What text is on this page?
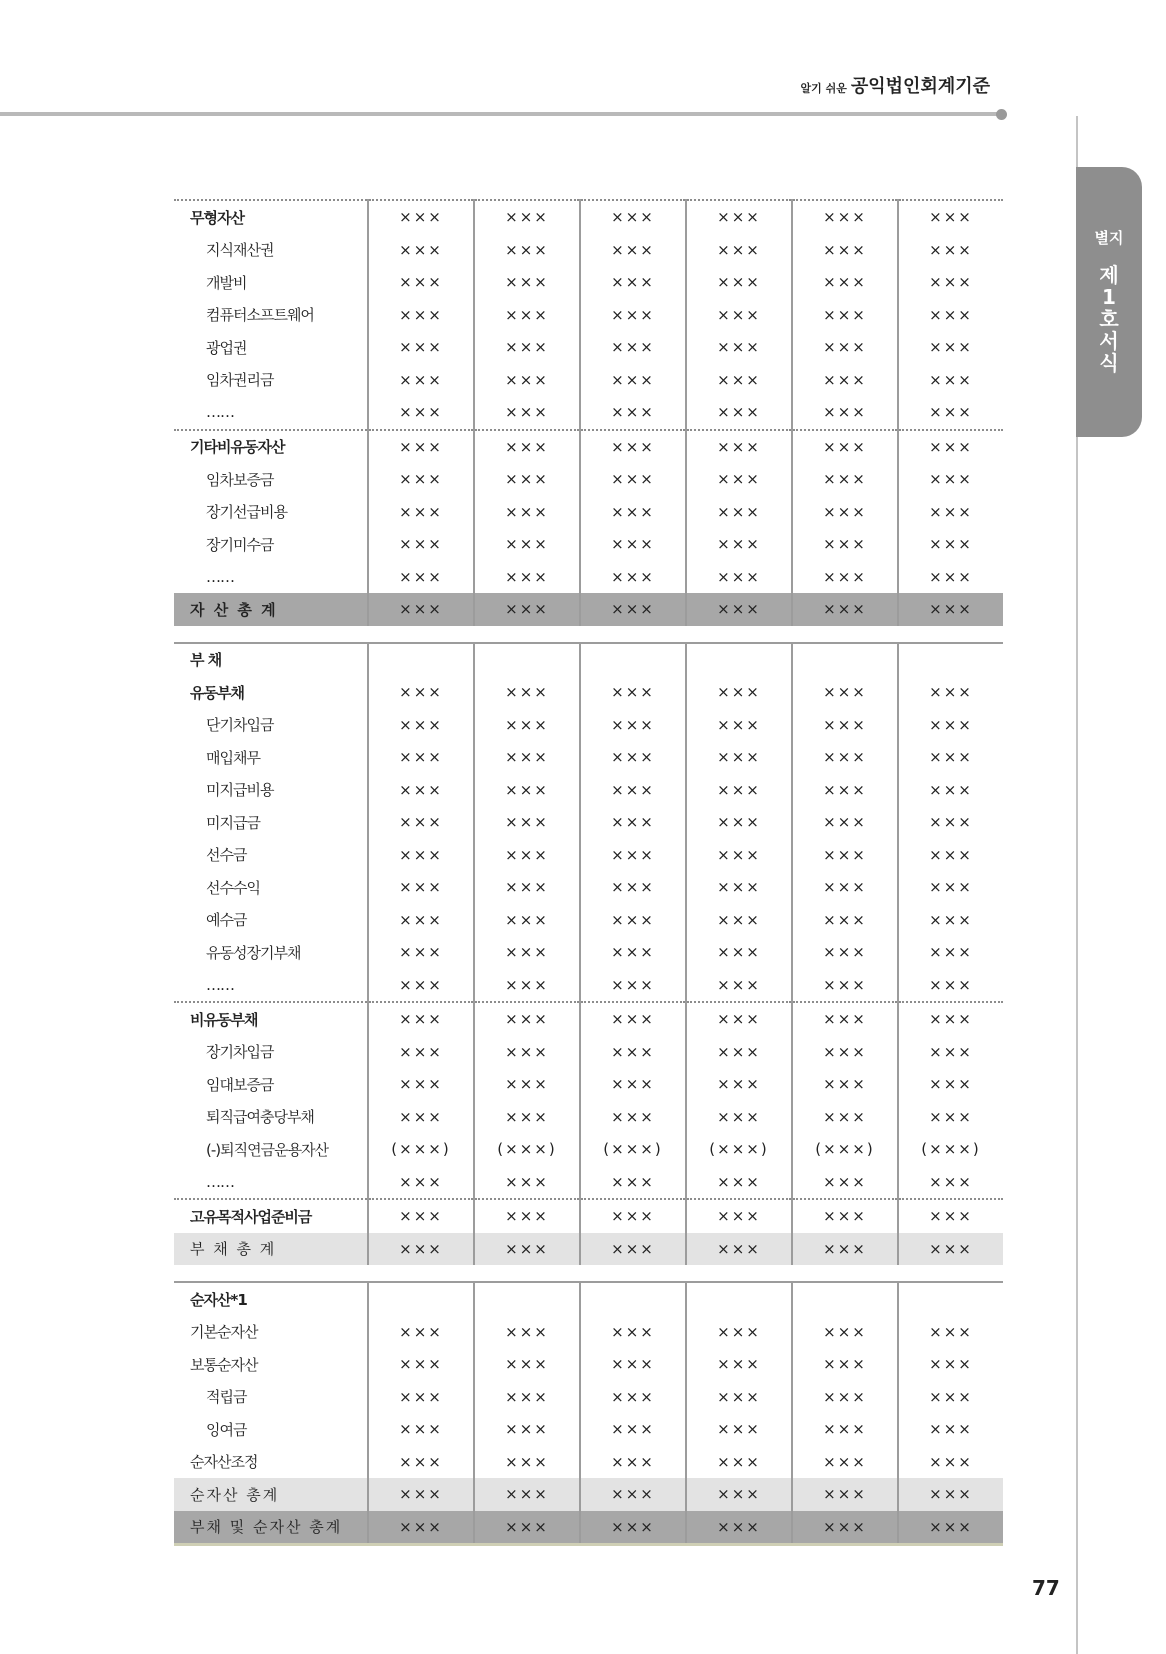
알기 쉬운 공익법인회계기준
별지
제
1
호
서
식
무형자산	×××	×××	×××	×××	×××	×××
지식재산권	×××	×××	×××	×××	×××	×××
개발비	×××	×××	×××	×××	×××	×××
컴퓨터소프트웨어	×××	×××	×××	×××	×××	×××
광업권	×××	×××	×××	×××	×××	×××
임차권리금	×××	×××	×××	×××	×××	×××
……	×××	×××	×××	×××	×××	×××
기타비유동자산	×××	×××	×××	×××	×××	×××
임차보증금	×××	×××	×××	×××	×××	×××
장기선급비용	×××	×××	×××	×××	×××	×××
장기미수금	×××	×××	×××	×××	×××	×××
……	×××	×××	×××	×××	×××	×××
자 산 총 계	×××	×××	×××	×××	×××	×××

부 채						
유동부채	×××	×××	×××	×××	×××	×××
단기차입금	×××	×××	×××	×××	×××	×××
매입채무	×××	×××	×××	×××	×××	×××
미지급비용	×××	×××	×××	×××	×××	×××
미지급금	×××	×××	×××	×××	×××	×××
선수금	×××	×××	×××	×××	×××	×××
선수수익	×××	×××	×××	×××	×××	×××
예수금	×××	×××	×××	×××	×××	×××
유동성장기부채	×××	×××	×××	×××	×××	×××
……	×××	×××	×××	×××	×××	×××
비유동부채	×××	×××	×××	×××	×××	×××
장기차입금	×××	×××	×××	×××	×××	×××
임대보증금	×××	×××	×××	×××	×××	×××
퇴직급여충당부채	×××	×××	×××	×××	×××	×××
(-)퇴직연금운용자산	(×××)	(×××)	(×××)	(×××)	(×××)	(×××)
……	×××	×××	×××	×××	×××	×××
고유목적사업준비금	×××	×××	×××	×××	×××	×××
부 채 총 계	×××	×××	×××	×××	×××	×××

순자산*1						
기본순자산	×××	×××	×××	×××	×××	×××
보통순자산	×××	×××	×××	×××	×××	×××
적립금	×××	×××	×××	×××	×××	×××
잉여금	×××	×××	×××	×××	×××	×××
순자산조정	×××	×××	×××	×××	×××	×××
순자산 총계	×××	×××	×××	×××	×××	×××
부채 및 순자산 총계	×××	×××	×××	×××	×××	×××
77
